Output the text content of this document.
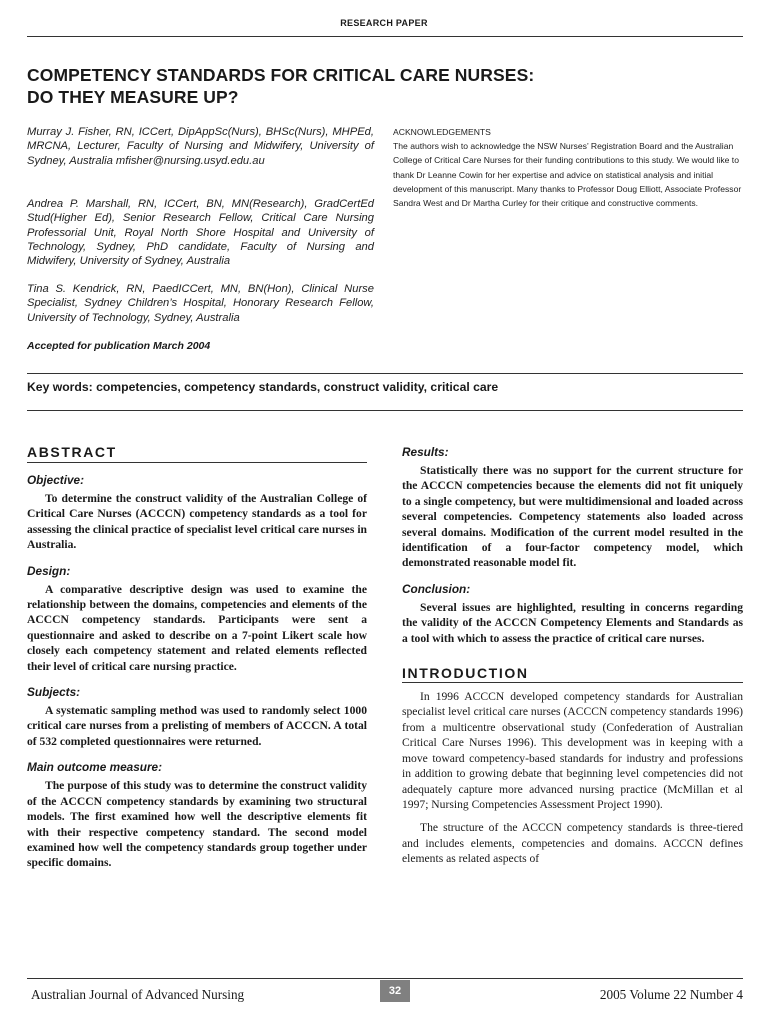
RESEARCH PAPER
COMPETENCY STANDARDS FOR CRITICAL CARE NURSES:
DO THEY MEASURE UP?
Murray J. Fisher, RN, ICCert, DipAppSc(Nurs), BHSc(Nurs), MHPEd, MRCNA, Lecturer, Faculty of Nursing and Midwifery, University of Sydney, Australia mfisher@nursing.usyd.edu.au
Andrea P. Marshall, RN, ICCert, BN, MN(Research), GradCertEd Stud(Higher Ed), Senior Research Fellow, Critical Care Nursing Professorial Unit, Royal North Shore Hospital and University of Technology, Sydney, PhD candidate, Faculty of Nursing and Midwifery, University of Sydney, Australia
Tina S. Kendrick, RN, PaedICCert, MN, BN(Hon), Clinical Nurse Specialist, Sydney Children’s Hospital, Honorary Research Fellow, University of Technology, Sydney, Australia
Accepted for publication March 2004
ACKNOWLEDGEMENTS
The authors wish to acknowledge the NSW Nurses’ Registration Board and the Australian College of Critical Care Nurses for their funding contributions to this study. We would like to thank Dr Leanne Cowin for her expertise and advice on statistical analysis and initial development of this manuscript. Many thanks to Professor Doug Elliott, Associate Professor Sandra West and Dr Martha Curley for their critique and constructive comments.
Key words: competencies, competency standards, construct validity, critical care
ABSTRACT
Objective:

To determine the construct validity of the Australian College of Critical Care Nurses (ACCCN) competency standards as a tool for assessing the clinical practice of specialist level critical care nurses in Australia.

Design:

A comparative descriptive design was used to examine the relationship between the domains, competencies and elements of the ACCCN competency standards. Participants were sent a questionnaire and asked to describe on a 7-point Likert scale how closely each competency statement and related elements reflected their level of critical care nursing practice.

Subjects:

A systematic sampling method was used to randomly select 1000 critical care nurses from a prelisting of members of ACCCN. A total of 532 completed questionnaires were returned.

Main outcome measure:

The purpose of this study was to determine the construct validity of the ACCCN competency standards by examining two structural models. The first examined how well the descriptive elements fit with their respective competency standard. The second model examined how well the competency standards group together under specific domains.

Results:

Statistically there was no support for the current structure for the ACCCN competencies because the elements did not fit uniquely to a single competency, but were multidimensional and loaded across several competencies. Competency statements also loaded across several domains. Modification of the current model resulted in the identification of a four-factor competency model, which demonstrated reasonable model fit.

Conclusion:

Several issues are highlighted, resulting in concerns regarding the validity of the ACCCN Competency Elements and Standards as a tool with which to assess the practice of critical care nurses.

INTRODUCTION

In 1996 ACCCN developed competency standards for Australian specialist level critical care nurses (ACCCN competency standards 1996) from a multicentre observational study (Confederation of Australian Critical Care Nurses 1996). This development was in keeping with a move toward competency-based standards for industry and professions in addition to growing debate that beginning level competencies did not adequately capture more advanced nursing practice (McMillan et al 1997; Nursing Competencies Assessment Project 1990).

The structure of the ACCCN competency standards is three-tiered and includes elements, competencies and domains. ACCCN defines elements as related aspects of

Australian Journal of Advanced Nursing	32	2005 Volume 22 Number 4
